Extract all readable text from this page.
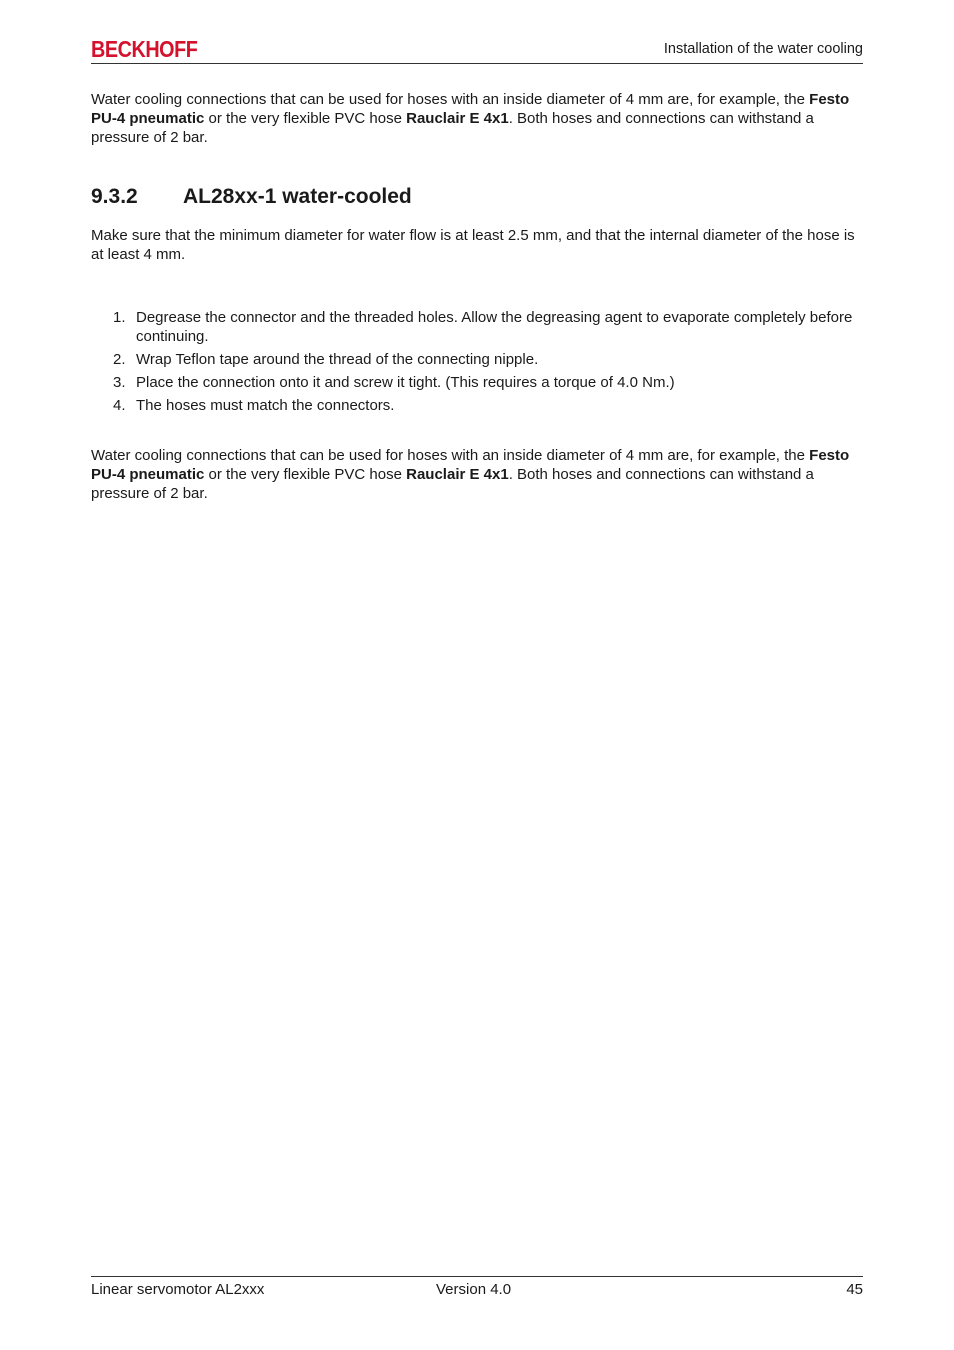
BECKHOFF	Installation of the water cooling

Water cooling connections that can be used for hoses with an inside diameter of 4 mm are, for example, the Festo PU-4 pneumatic or the very flexible PVC hose Rauclair E 4x1. Both hoses and connections can withstand a pressure of 2 bar.

9.3.2 AL28xx-1 water-cooled

Make sure that the minimum diameter for water flow is at least 2.5 mm, and that the internal diameter of the hose is at least 4 mm.

1. Degrease the connector and the threaded holes. Allow the degreasing agent to evaporate completely before continuing.
2. Wrap Teflon tape around the thread of the connecting nipple.
3. Place the connection onto it and screw it tight. (This requires a torque of 4.0 Nm.)
4. The hoses must match the connectors.

Water cooling connections that can be used for hoses with an inside diameter of 4 mm are, for example, the Festo PU-4 pneumatic or the very flexible PVC hose Rauclair E 4x1. Both hoses and connections can withstand a pressure of 2 bar.

Linear servomotor AL2xxx	Version 4.0	45
